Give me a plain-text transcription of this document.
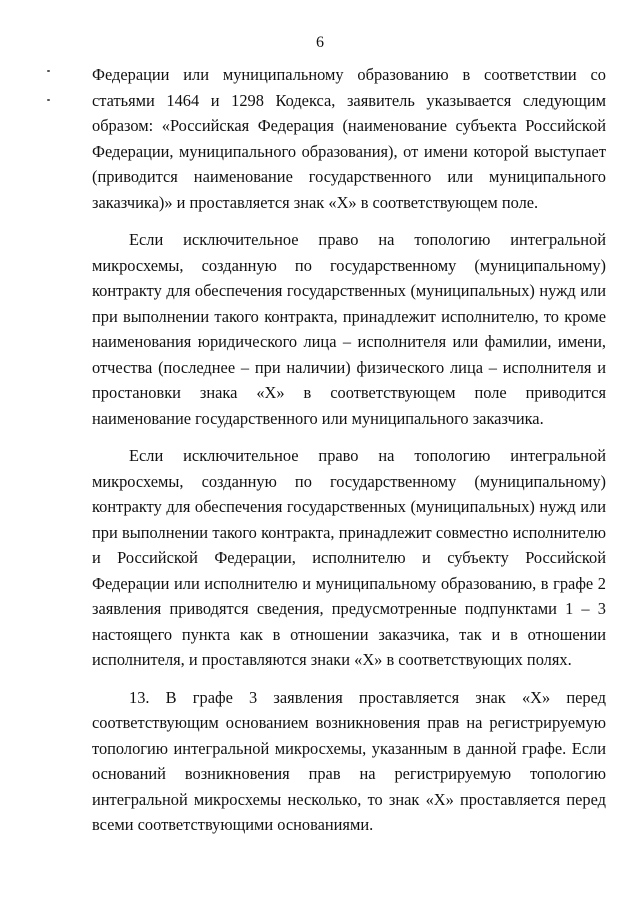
6

Федерации или муниципальному образованию в соответствии со статьями 1464 и 1298 Кодекса, заявитель указывается следующим образом: «Российская Федерация (наименование субъекта Российской Федерации, муниципального образования), от имени которой выступает (приводится наименование государственного или муниципального заказчика)» и проставляется знак «Х» в соответствующем поле.

Если исключительное право на топологию интегральной микросхемы, созданную по государственному (муниципальному) контракту для обеспечения государственных (муниципальных) нужд или при выполнении такого контракта, принадлежит исполнителю, то кроме наименования юридического лица – исполнителя или фамилии, имени, отчества (последнее – при наличии) физического лица – исполнителя и простановки знака «Х» в соответствующем поле приводится наименование государственного или муниципального заказчика.

Если исключительное право на топологию интегральной микросхемы, созданную по государственному (муниципальному) контракту для обеспечения государственных (муниципальных) нужд или при выполнении такого контракта, принадлежит совместно исполнителю и Российской Федерации, исполнителю и субъекту Российской Федерации или исполнителю и муниципальному образованию, в графе 2 заявления приводятся сведения, предусмотренные подпунктами 1 – 3 настоящего пункта как в отношении заказчика, так и в отношении исполнителя, и проставляются знаки «Х» в соответствующих полях.

13. В графе 3 заявления проставляется знак «Х» перед соответствующим основанием возникновения прав на регистрируемую топологию интегральной микросхемы, указанным в данной графе. Если оснований возникновения прав на регистрируемую топологию интегральной микросхемы несколько, то знак «Х» проставляется перед всеми соответствующими основаниями.
